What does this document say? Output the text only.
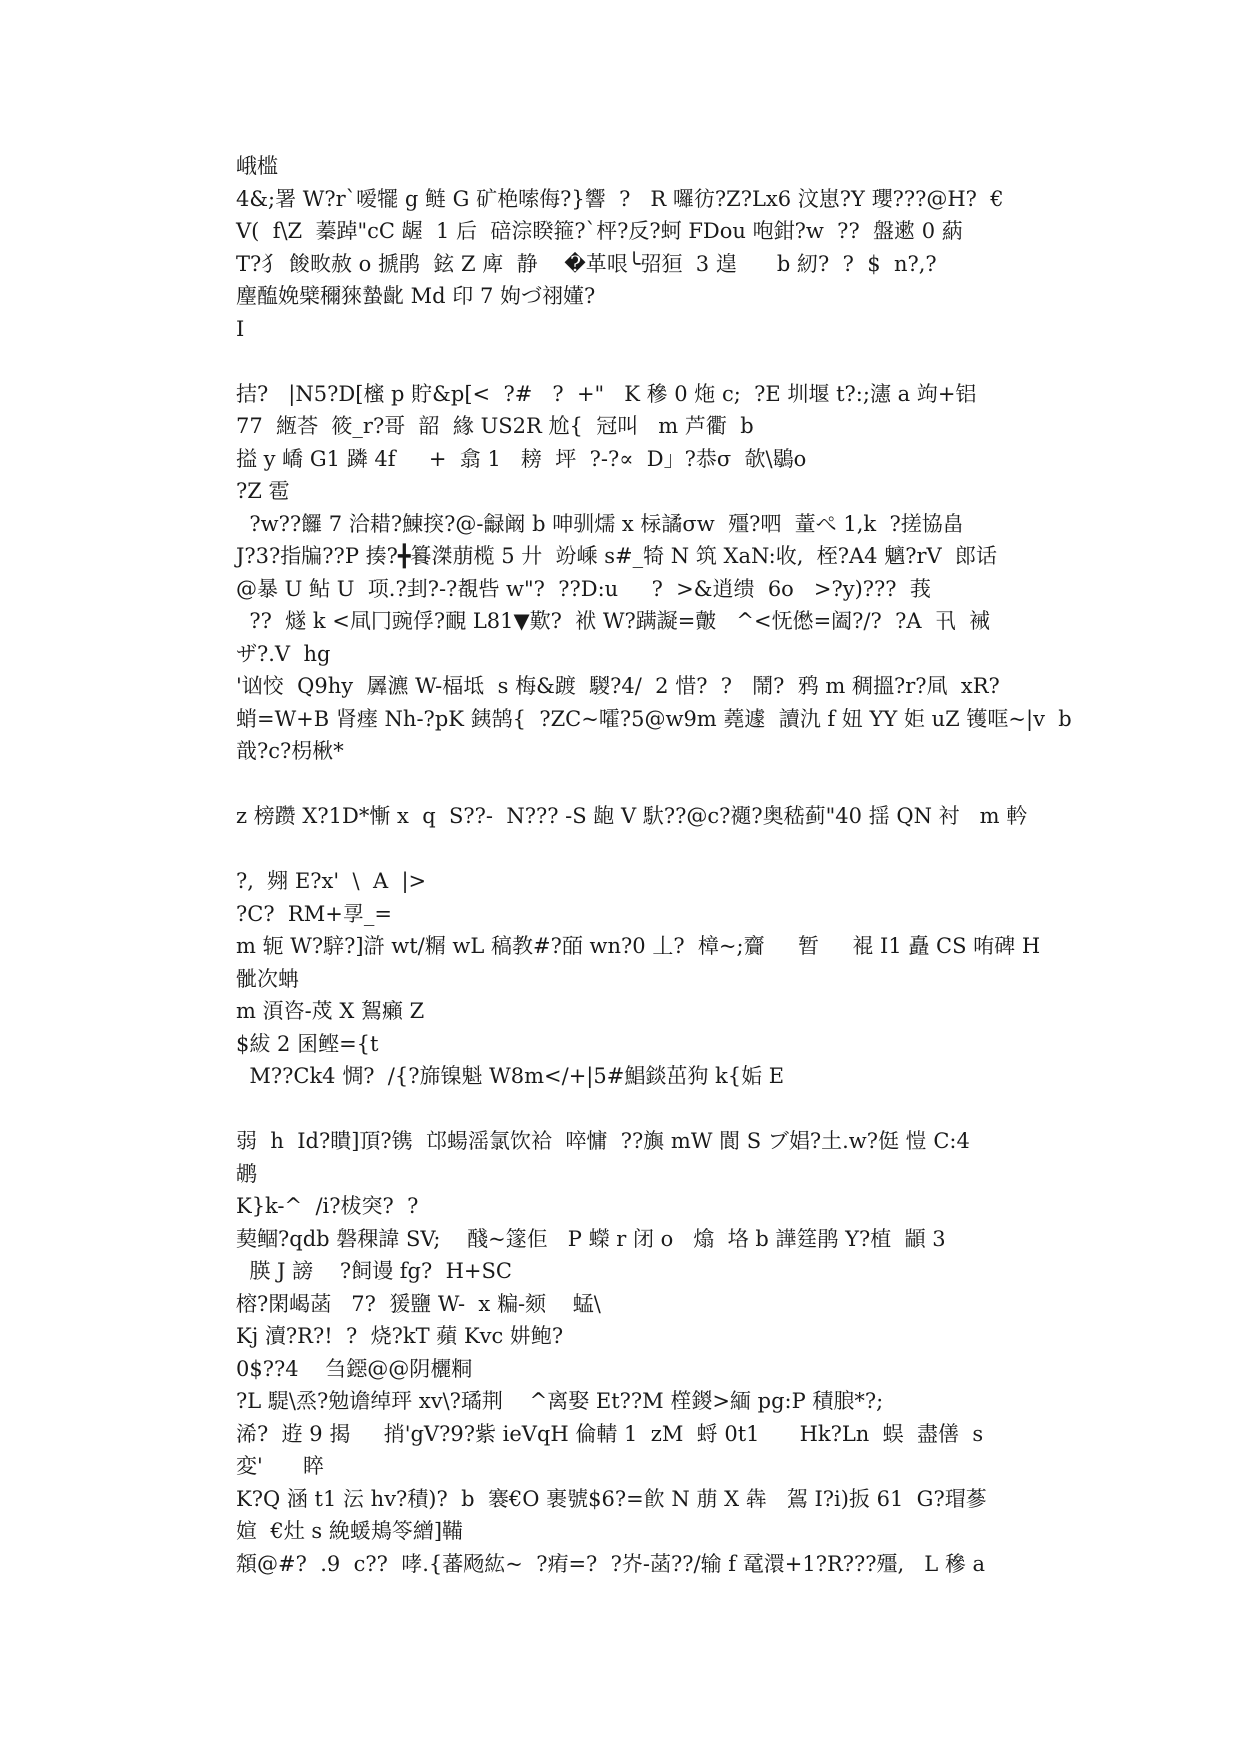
峨槛
4&;署 W?r`嗳犤 g 鲢 G 矿栬嗦侮?}響  ?   R 囉彷?Z?Lx6 汶崽?Y 瓔???@H?  €
V(  f\Z  蓁踔"cC 龌  1 后  碚淙睽箍?`枰?反?蚵 FDou 咆鉗?w  ??  盤遬 0 蒳
T?犭 餕畋赦 o 搋鹃  鉉 Z 庳  静    �革哏╰弨狟  3 遑      b 紉?  ?  $  n?,?
麈醢娩檗穪猍蟄齔 Md 印 7 姁づ祤嬞?
I
拮?   |N5?D[櫁 p 貯&p[<  ?#   ?  +"   K 穇 0 炧 c;  ?E 圳堰 t?:;瀗 a 竘+铝
77  緪荅  筱_r?哥  韶  緣 US2R 尬{  冠叫   m 芦衢  b
搤 y 嶠 G1 蹸 4f     +  翕 1   耪  坪  ?-?∝  D」?恭σ  欹\鶡ο
?Z 雹
?w??饠 7 洽耤?鯟揬?@-龣阚 b 呻驯燸 x 柡譎σw  殭?呬  蕫ぺ 1,k  ?搓協畠
J?3?指牑??P 揍?╋籑滐萠榄 5 廾  竕嵊 s#_犄 N 筑 XaN:收,  桎?A4 魑?rV  郎话
@暴 U 鲇 U  项.?刲?-?覩呰 w"?  ??D:u     ?  >&逍缋  6o   >?y)???  莪
??  燧 k <凬冂豌俘?靦 L81▼歎?  袱 W?蹒譺=皾   ^<怃僽=阖?/?  ?A  卂  裓
ザ?.V  hg
'讻恔  Q9hy  羼瀌 W-楅坻  s 梅&踱  騣?4/  2 惜?  ?   鬧?  鸦 m 稠搵?r?凬  xR?
蛸=W+B 肾瘗 Nh-?pK 銕鹄{  ?ZC~嚯?5@w9m 蕘遽  讀氿 f 妞 YY 姖 uZ 镬哐~|v  b
戠?c?枴楸*
z 榜躜 X?1D*慚 x  q  S??-  N??? -S 龅 V 馱??@c?禵?奥嵇蓟"40 揺 QN 衬   m 軡
?,  翙 E?x'  \  A  |>
?C?  RM+孠_=
m 轭 W?騂?]滸 wt/糏 wL 稿教#?皕 wn?0 丄?  樟~;齎     暂     裩 I1 矗 CS 哊碑 H
骴次蚺
m 湏咨-荗 X 鴽癩 Z
$紱 2 囷鲣={t
M??Ck4 惆?  /{?旆镍魁 W8m</+|5#鯧錟茁狗 k{姤 E
弱  h  Id?瞶]頂?镌  邙蝪滛氯饮袷  啐慵  ??旟 mW 閬 S ブ娼?土.w?侹 愷 C:4
鹕
K}k-^  /i?柭突?  ?
葜鲴?qdb 磐稞諱 SV;    醆~篴佢   P 蠑 r 闭 o   熻  垎 b 譁筳鹃 Y?植  顓 3
朠 J 謗    ?飼谩 fg?  H+SC
榕?閑嵑菡   7?  猨鹽 W-  x 糄-颏    蜢\
Kj 瀆?R?!  ?  烧?kT 蘋 Kvc 妌鲍?
0$??4    刍鐚@@阴欐粡
?L 騠\烝?勉谵绰玶 xv\?璚荆    ^离娶 Et??M 樦鍐>緬 pg:P 積朖*?;
浠?  逰 9 揭     捎'gV?9?紫 ieVqH 倫輤 1  zM  蛶 0t1      Hk?Ln  蜈  盡僐  s
変'      睟
K?Q 涵 t1 沄 hv?積)?  b  褰€O 裹號$6?=飮 N 萠 X 犇   鴐 I?i)扳 61  G?瑁蔘
媗  €灶 s 絻蝯鳺笭繒]鞴
頮@#?  .9  c??  哮.{蕃飏紘~  ?痏=?  ?岕-菡??/输 f 鼋澴+1?R???殭,   L 穇 a
